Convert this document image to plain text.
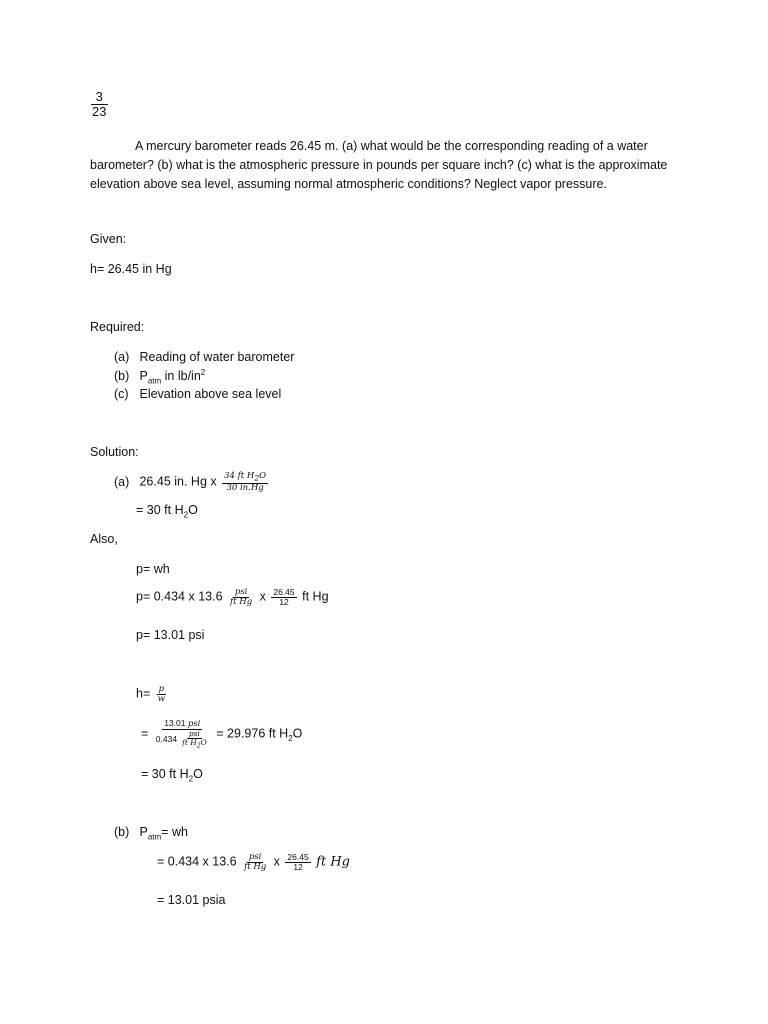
$\frac{3}{23}$
A mercury barometer reads 26.45 m. (a) what would be the corresponding reading of a water barometer? (b) what is the atmospheric pressure in pounds per square inch? (c) what is the approximate elevation above sea level, assuming normal atmospheric conditions? Neglect vapor pressure.
Given:
h= 26.45 in Hg
Required:
(a) Reading of water barometer
(b) $P_{atm}$ in $lb/in^2$
(c) Elevation above sea level
Solution:
(a) 26.45 in. Hg x $\frac{34 ft H_2O}{30 in.Hg}$
= 30 ft $H_2O$
Also,
p= wh
p= 0.434 x $13.6 \frac{\text{psi}}{\text{ft Hg}}$ x $\frac{26.45}{12}$ ft Hg
p= 13.01 psi
$h= \frac{p}{w}$
= $\frac{\text{13.01 psi}}{0.434 \frac{\text{psi}}{ft H_2O}} = 29.976$ ft $H_2O$
= 30 ft $H_2O$
(b) $P_{atm}=$ wh
= 0.434 x $13.6 \frac{\text{psi}}{\text{ft Hg}}$ x $\frac{26.45}{12}$ ft Hg
= 13.01 psia
